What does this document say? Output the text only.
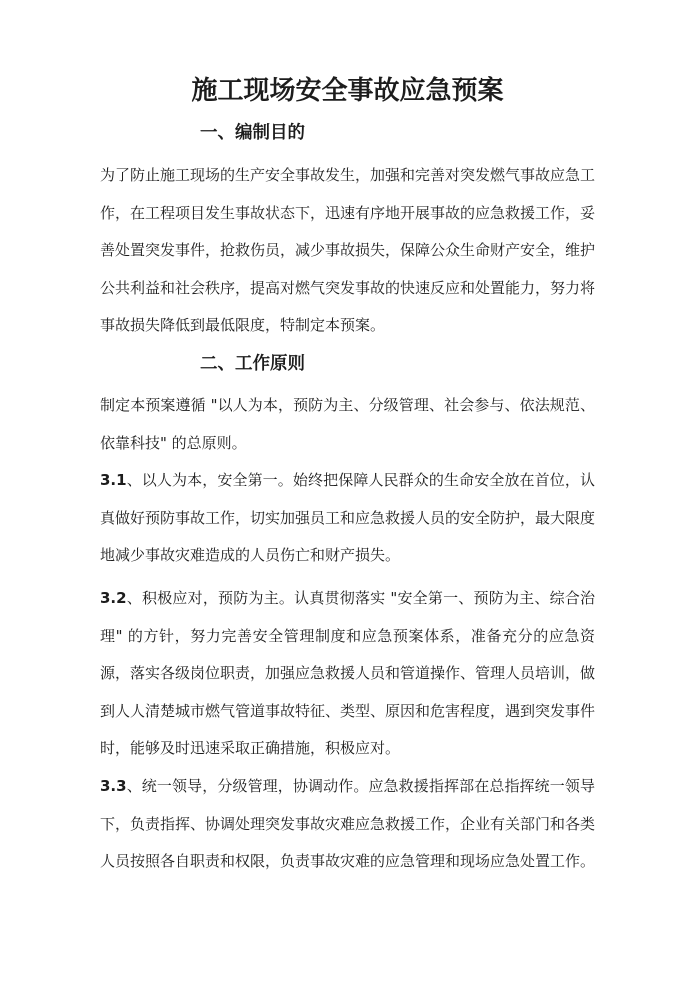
施工现场安全事故应急预案
一、编制目的

为了防止施工现场的生产安全事故发生，加强和完善对突发燃气事故应急工作，在工程项目发生事故状态下，迅速有序地开展事故的应急救援工作，妥善处置突发事件，抢救伤员，减少事故损失，保障公众生命财产安全，维护公共利益和社会秩序，提高对燃气突发事故的快速反应和处置能力，努力将事故损失降低到最低限度，特制定本预案。

二、工作原则

制定本预案遵循 "以人为本，预防为主、分级管理、社会参与、依法规范、依靠科技" 的总原则。

3.1、以人为本，安全第一。始终把保障人民群众的生命安全放在首位，认真做好预防事故工作，切实加强员工和应急救援人员的安全防护，最大限度地减少事故灾难造成的人员伤亡和财产损失。

3.2、积极应对，预防为主。认真贯彻落实 "安全第一、预防为主、综合治理" 的方针，努力完善安全管理制度和应急预案体系，准备充分的应急资源，落实各级岗位职责，加强应急救援人员和管道操作、管理人员培训，做到人人清楚城市燃气管道事故特征、类型、原因和危害程度，遇到突发事件时，能够及时迅速采取正确措施，积极应对。

3.3、统一领导，分级管理，协调动作。应急救援指挥部在总指挥统一领导下，负责指挥、协调处理突发事故灾难应急救援工作，企业有关部门和各类人员按照各自职责和权限，负责事故灾难的应急管理和现场应急处置工作。
